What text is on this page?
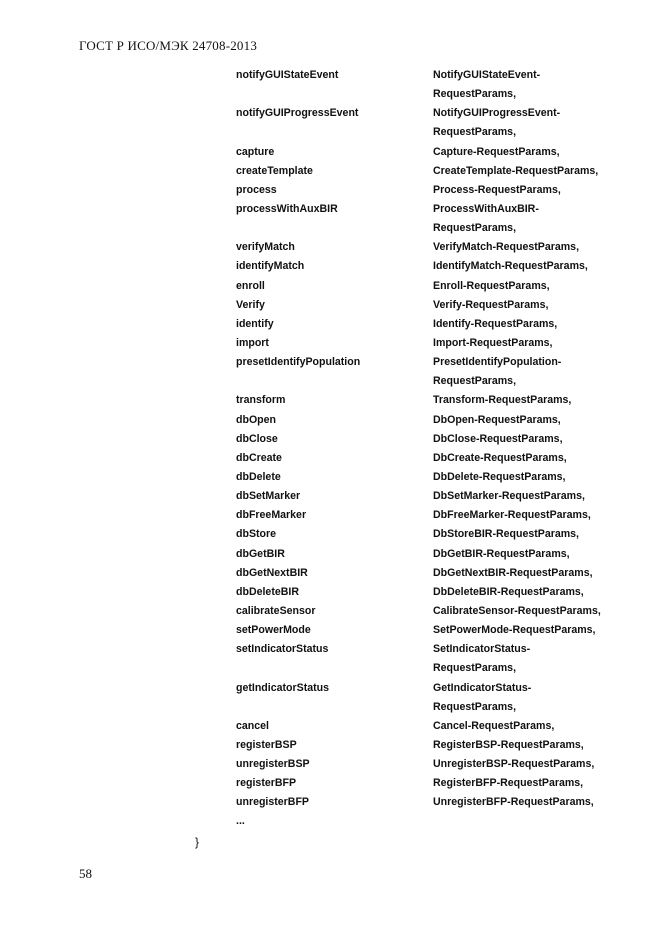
ГОСТ Р ИСО/МЭК 24708-2013
notifyGUIStateEvent	NotifyGUIStateEvent-
RequestParams,
notifyGUIProgressEvent	NotifyGUIProgressEvent-
RequestParams,
capture	Capture-RequestParams,
createTemplate	CreateTemplate-RequestParams,
process	Process-RequestParams,
processWithAuxBIR	ProcessWithAuxBIR-
RequestParams,
verifyMatch	VerifyMatch-RequestParams,
identifyMatch	IdentifyMatch-RequestParams,
enroll	Enroll-RequestParams,
Verify	Verify-RequestParams,
identify	Identify-RequestParams,
import	Import-RequestParams,
presetIdentifyPopulation	PresetIdentifyPopulation-
RequestParams,
transform	Transform-RequestParams,
dbOpen	DbOpen-RequestParams,
dbClose	DbClose-RequestParams,
dbCreate	DbCreate-RequestParams,
dbDelete	DbDelete-RequestParams,
dbSetMarker	DbSetMarker-RequestParams,
dbFreeMarker	DbFreeMarker-RequestParams,
dbStore	DbStoreBIR-RequestParams,
dbGetBIR	DbGetBIR-RequestParams,
dbGetNextBIR	DbGetNextBIR-RequestParams,
dbDeleteBIR	DbDeleteBIR-RequestParams,
calibrateSensor	CalibrateSensor-RequestParams,
setPowerMode	SetPowerMode-RequestParams,
setIndicatorStatus	SetIndicatorStatus-
RequestParams,
getIndicatorStatus	GetIndicatorStatus-
RequestParams,
cancel	Cancel-RequestParams,
registerBSP	RegisterBSP-RequestParams,
unregisterBSP	UnregisterBSP-RequestParams,
registerBFP	RegisterBFP-RequestParams,
unregisterBFP	UnregisterBFP-RequestParams,
...
}
58
